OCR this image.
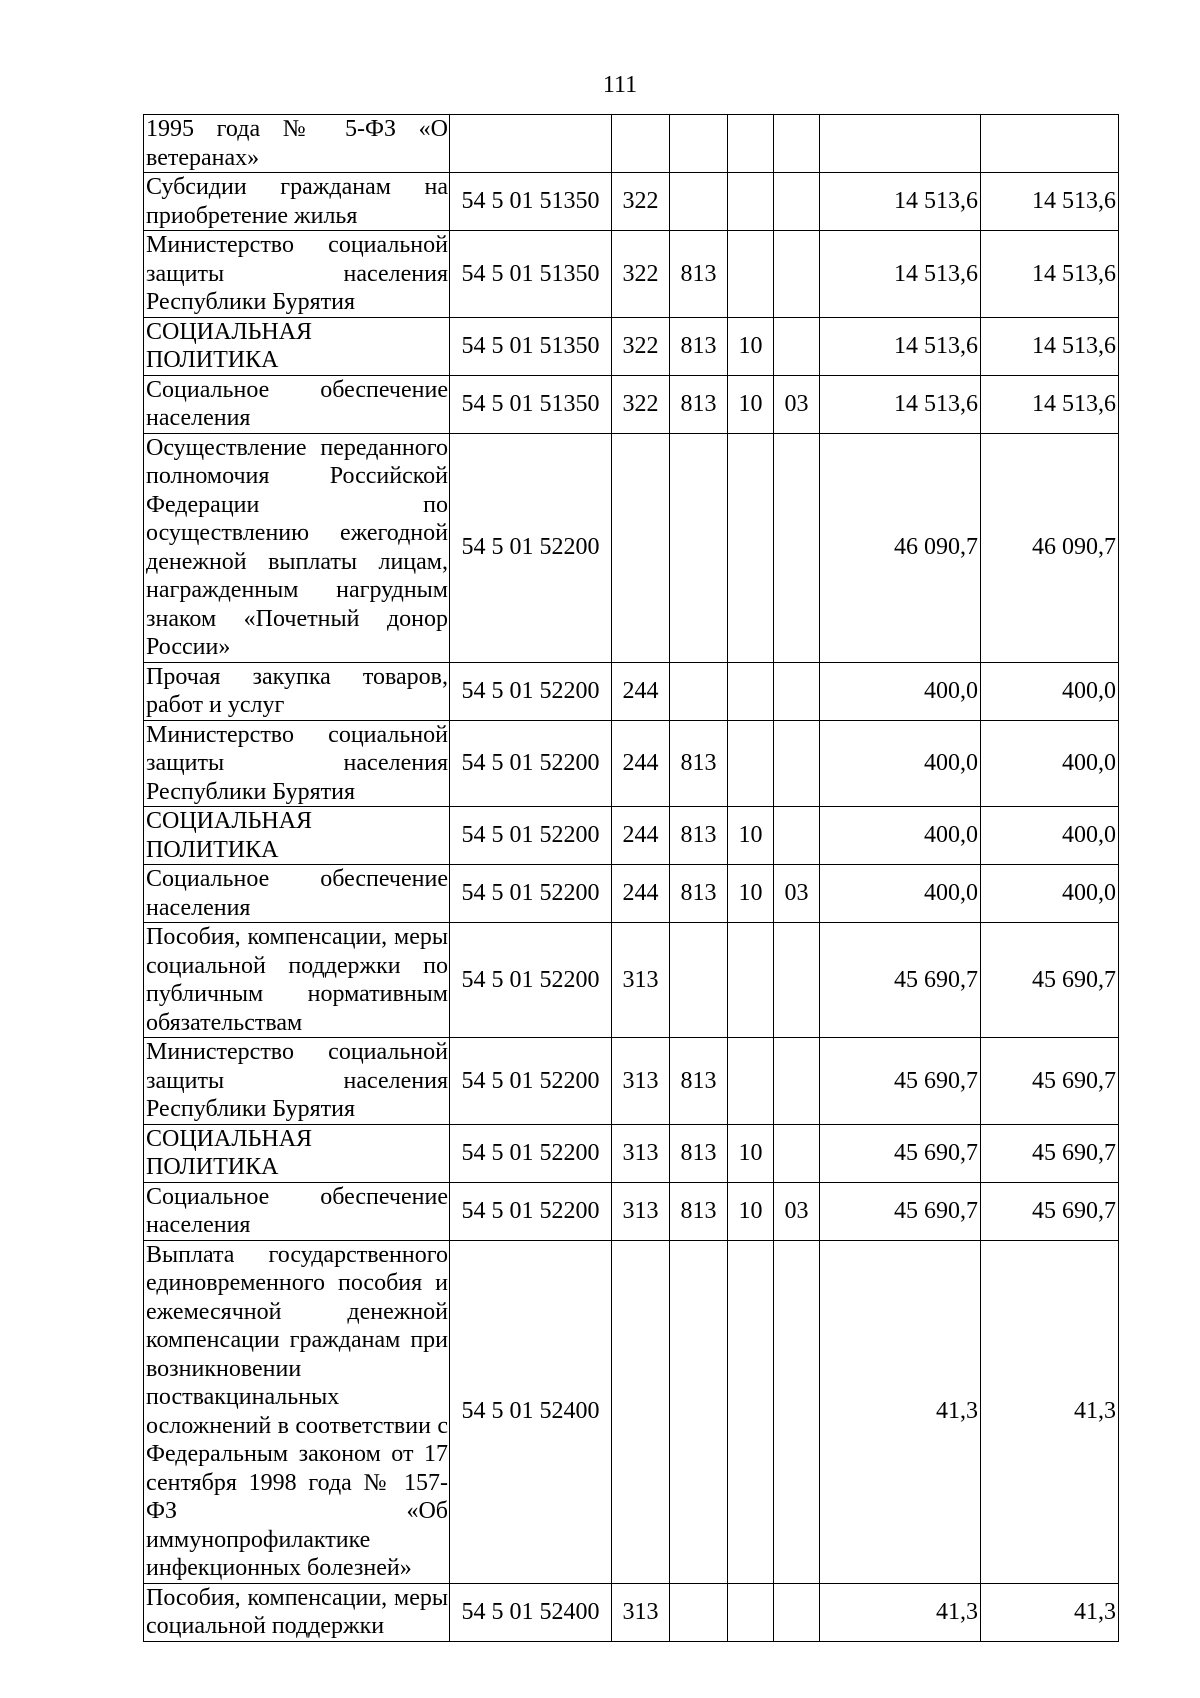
111
1995 года № 5-ФЗ «О ветеранах»							
Субсидии гражданам на приобретение жилья	54 5 01 51350	322				14 513,6	14 513,6
Министерство социальной защиты населения Республики Бурятия	54 5 01 51350	322	813			14 513,6	14 513,6
СОЦИАЛЬНАЯ ПОЛИТИКА	54 5 01 51350	322	813	10		14 513,6	14 513,6
Социальное обеспечение населения	54 5 01 51350	322	813	10	03	14 513,6	14 513,6
Осуществление переданного полномочия Российской Федерации по осуществлению ежегодной денежной выплаты лицам, награжденным нагрудным знаком «Почетный донор России»	54 5 01 52200					46 090,7	46 090,7
Прочая закупка товаров, работ и услуг	54 5 01 52200	244				400,0	400,0
Министерство социальной защиты населения Республики Бурятия	54 5 01 52200	244	813			400,0	400,0
СОЦИАЛЬНАЯ ПОЛИТИКА	54 5 01 52200	244	813	10		400,0	400,0
Социальное обеспечение населения	54 5 01 52200	244	813	10	03	400,0	400,0
Пособия, компенсации, меры социальной поддержки по публичным нормативным обязательствам	54 5 01 52200	313				45 690,7	45 690,7
Министерство социальной защиты населения Республики Бурятия	54 5 01 52200	313	813			45 690,7	45 690,7
СОЦИАЛЬНАЯ ПОЛИТИКА	54 5 01 52200	313	813	10		45 690,7	45 690,7
Социальное обеспечение населения	54 5 01 52200	313	813	10	03	45 690,7	45 690,7
Выплата государственного единовременного пособия и ежемесячной денежной компенсации гражданам при возникновении поствакцинальных осложнений в соответствии с Федеральным законом от 17 сентября 1998 года № 157-ФЗ «Об иммунопрофилактике инфекционных болезней»	54 5 01 52400					41,3	41,3
Пособия, компенсации, меры социальной поддержки	54 5 01 52400	313				41,3	41,3
